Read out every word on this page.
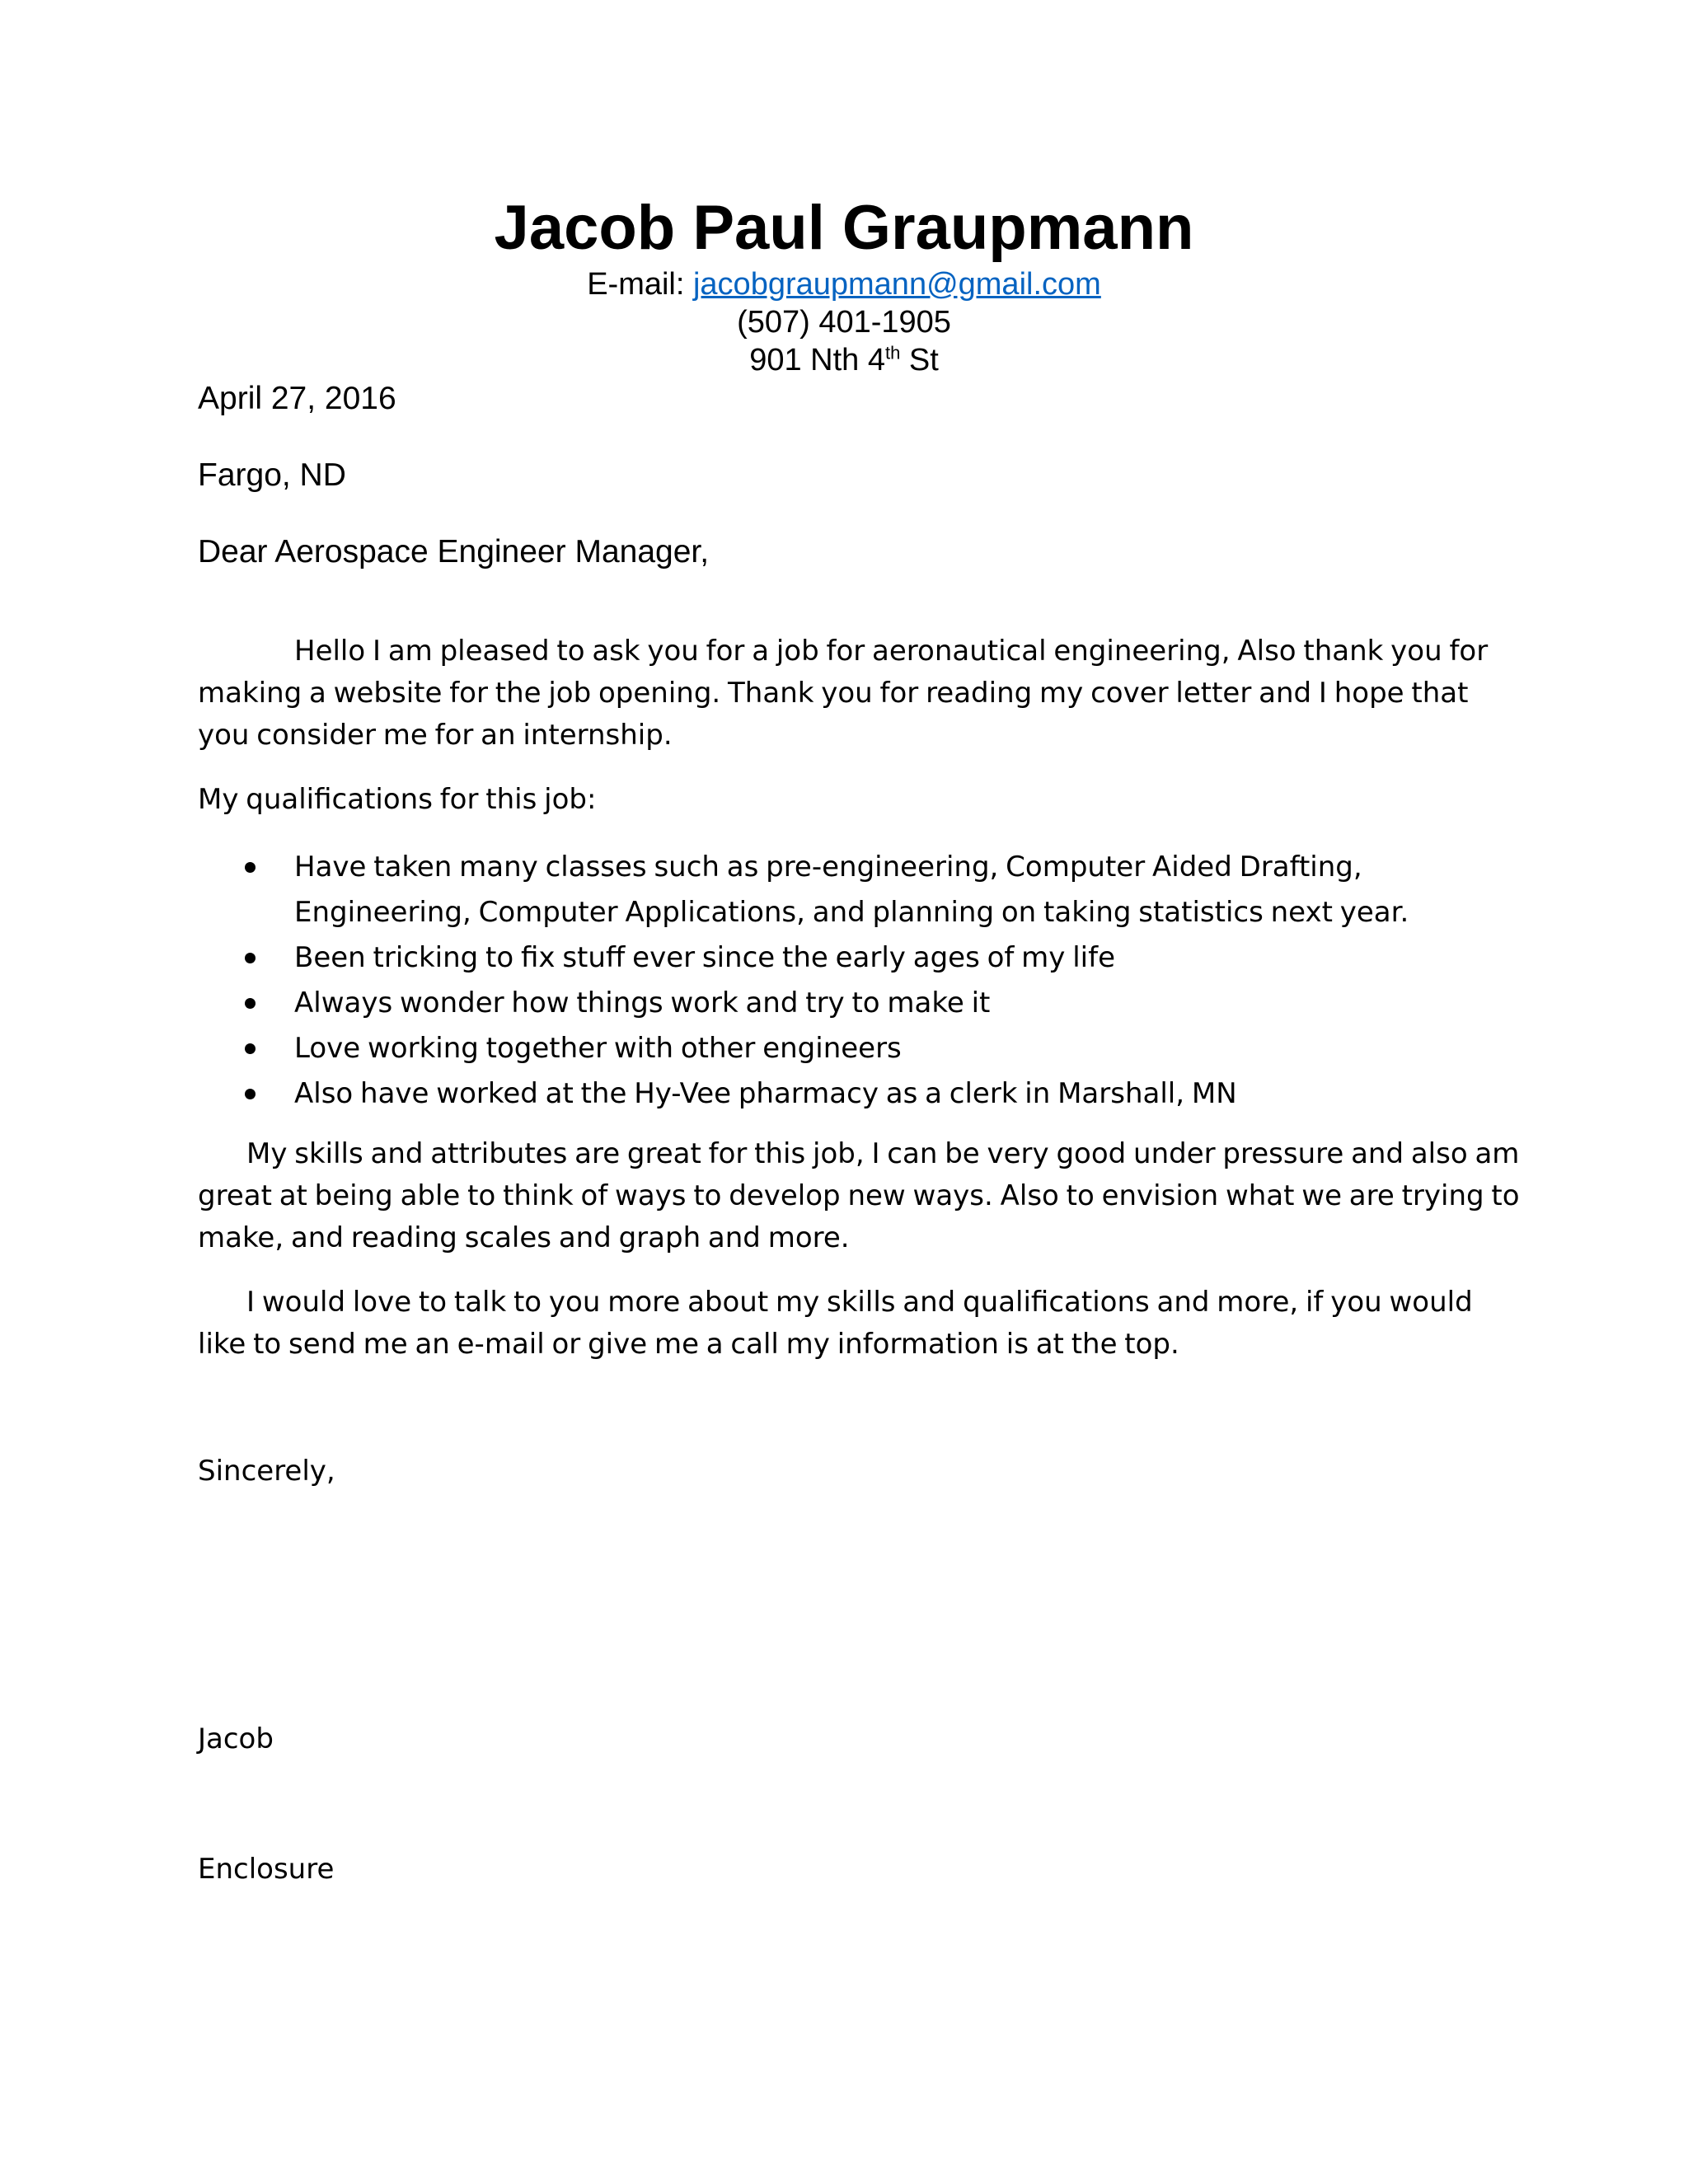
Jacob Paul Graupmann
E-mail: jacobgraupmann@gmail.com
(507) 401-1905
901 Nth 4th St
April 27, 2016
Fargo, ND
Dear Aerospace Engineer Manager,
Hello I am pleased to ask you for a job for aeronautical engineering, Also thank you for
making a website for the job opening. Thank you for reading my cover letter and I hope that
you consider me for an internship.
My qualifications for this job:
Have taken many classes such as pre-engineering, Computer Aided Drafting,
Engineering, Computer Applications, and planning on taking statistics next year.
Been tricking to fix stuff ever since the early ages of my life
Always wonder how things work and try to make it
Love working together with other engineers
Also have worked at the Hy-Vee pharmacy as a clerk in Marshall, MN
My skills and attributes are great for this job, I can be very good under pressure and also am
great at being able to think of ways to develop new ways. Also to envision what we are trying to
make, and reading scales and graph and more.
I would love to talk to you more about my skills and qualifications and more, if you would
like to send me an e-mail or give me a call my information is at the top.
Sincerely,
Jacob
Enclosure
